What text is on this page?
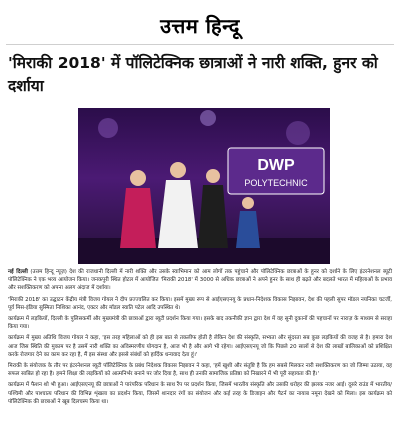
उत्तम हिन्दू
'मिराकी 2018' में पॉलिटेक्निक छात्राओं ने नारी शक्ति, हुनर को दर्शाया
DWP
POLYTECHNIC

नई दिल्ली (उत्तम हिन्दू न्यूज़) देश की राजधानी दिल्ली में नारी शक्ति और उसके स्वाभिमान को आम लोगों तक पहुंचाने और पॉलिटेक्निक छात्राओं के हुनर को दर्शाने के लिए इंटरनेशनल ब्यूटी पॉलिटेक्निक ने एक भव्य आयोजन किया। जनकपुरी स्थित होटल में आयोजित 'मिराकी 2018' में 3000 से अधिक छात्राओं ने अपने हुनर के साथ ही बढ़ते और बदलते भारत में महिलाओं के प्रभाव और सशक्तिकरण को अपना अलग अंदाज में दर्शाया।

'मिराकी 2018' का उद्घाटन केंद्रीय मंत्री विजय गोयल ने दीप प्रज्ज्वलित कर किया। इसमें मुख्य रूप से आईएसएनयू के प्रधान-निदेशक विकास निझावन, देश की पहली सुपर मॉडल नयनिका चटर्जी, पूर्व मिस-इंडिया सुस्मिता निशिका आनंद, एक्टर और मॉडल स्वाति पटेल आदि उपस्थित थे।

कार्यक्रम में लड़कियों, दिल्ली के पुलिसकर्मी और मुख्यमंत्री की छात्राओं द्वारा ब्यूटी प्रदर्शन किया गया। इसके बाद तकनीकी ज्ञान द्वारा देश में वह सुनी दुकानों की पहचानों पर नाराज़ के माध्यम से सराहा किया गया।

कार्यक्रम में मुख्य अतिथि विजय गोयल ने कहा, 'इस तरह महिलाओं को ही इस बात से तकलीफ होती है लेकिन देश की संस्कृति, सभ्यता और सुंदरता सब कुछ लड़कियों की वजह से है। हमारा देश आज जिस स्थिति की मुकाम पर है उसमें नारी शक्ति का अविस्मरणीय योगदान है, आज भी है और आगे भी रहेगा। आईएसएनयू जो कि पिछले 20 सालों से देश की लाखों बालिकाओं को प्रशिक्षित करके रोजगार देने का काम कर रहा है, मैं इस संस्था और इससे संबंधों को हार्दिक धन्यवाद देता हूं।'

मिराकी के संयोजक के तौर पर इंटरनेशनल ब्यूटी पॉलिटेक्निक के प्रबंध निदेशक विकास निझावन ने कहा, 'हमें खुशी और संतुष्टि है कि हम सबसे मिलकर नारी सशक्तिकरण का जो जिम्मा उठाया, वह सफल साबित हो रहा है। हमने शिक्षा की लड़कियों को आत्मनिर्भर बनाने पर जोर दिया है, साथ ही उनकी सामाजिक प्रतिष्ठा को निखारने में भी पूरी सहायता की है।'

कार्यक्रम में फैशन शो भी हुआ। आईएसएनयू की छात्राओं ने पारंपरिक परिधान के साथ रैंप पर प्रदर्शन किया, जिसमें भारतीय संस्कृति और उसकी धरोहर की झलक नजर आई। दूसरे राउंड में भारतीय/पश्चिमी और पाश्चात्य परिधान की विभिन्न शृंखला का प्रदर्शन किया, जिसमें शानदार रंगों का संयोजन और कई तरह के डिजाइन और पैटर्न का नायाब नमूना देखने को मिला। इस कार्यक्रम को पॉलिटेक्निक की छात्राओं ने खूब दिलचस्प किया था।
